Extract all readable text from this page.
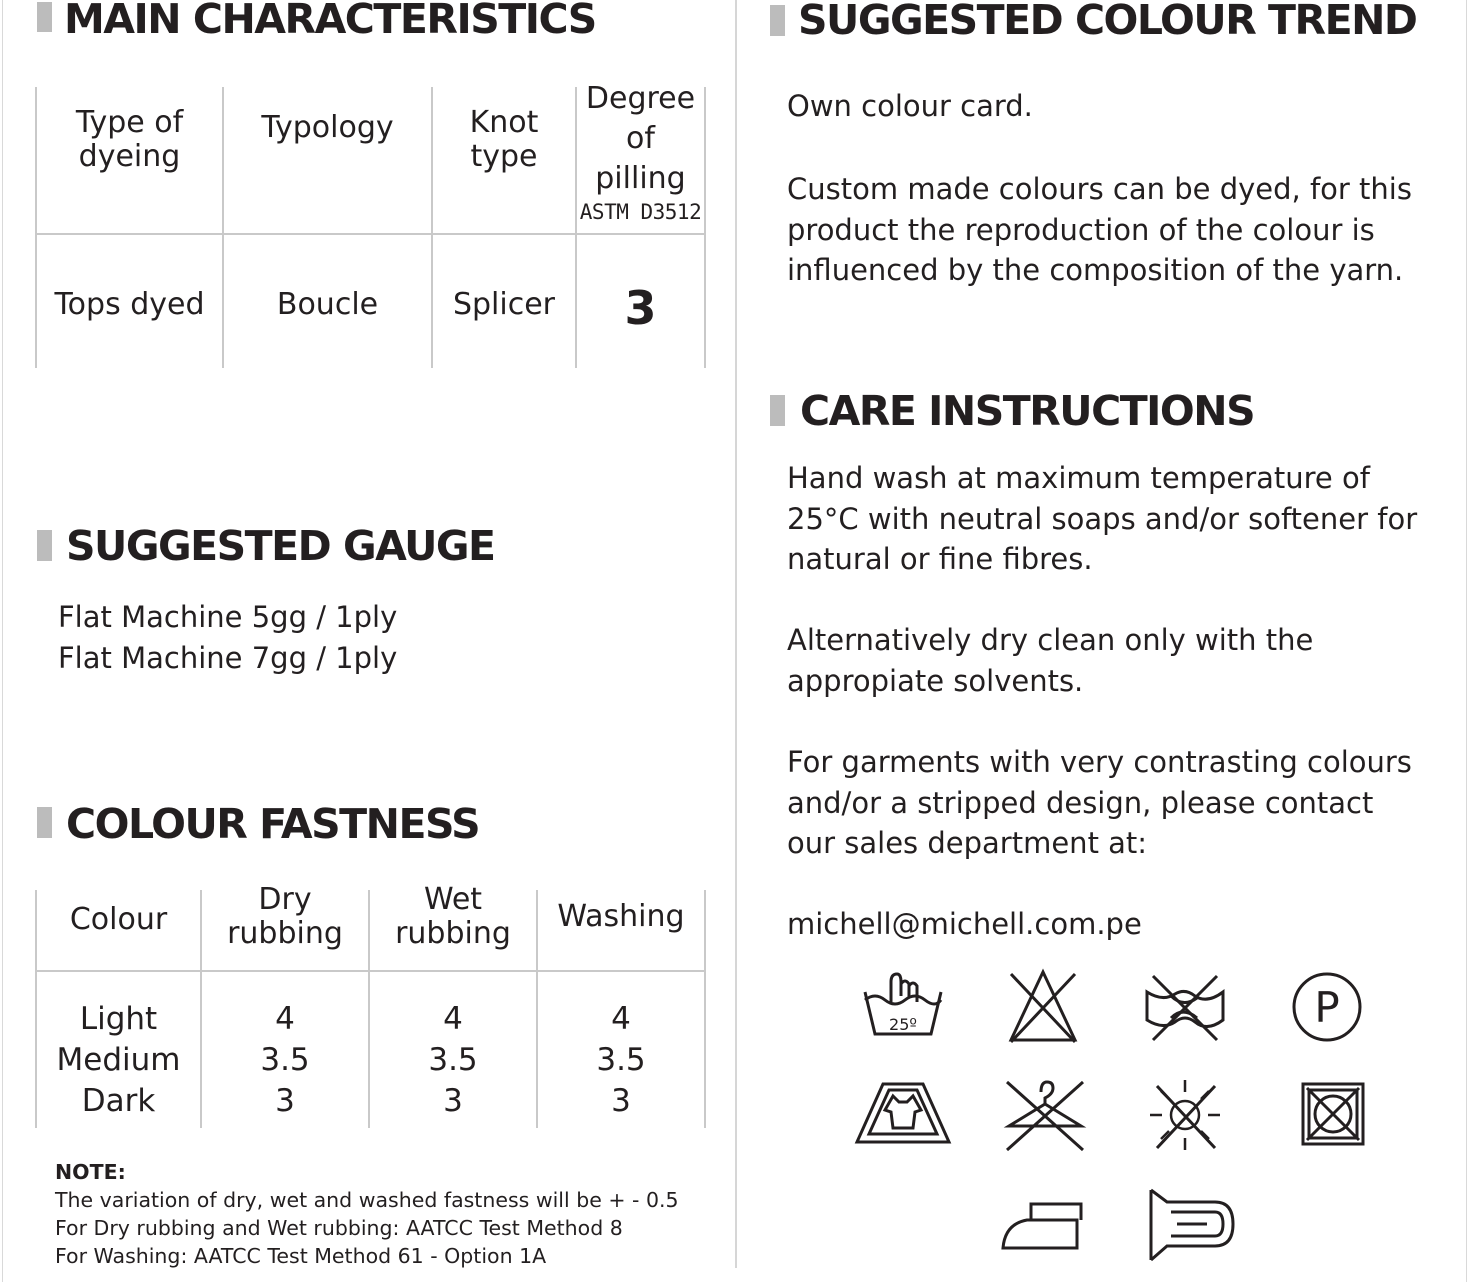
MAIN CHARACTERISTICS
Type of
dyeing
Typology	Knot
type
Degree
of pilling
ASTM D3512
Tops dyed Boucle Splicer 3
SUGGESTED GAUGE
Flat Machine 5gg / 1ply
Flat Machine 7gg / 1ply
COLOUR FASTNESS
Colour
Dry
rubbing
Wet
rubbing Washing
Light
Medium
Dark
4
3.5
3
4
3.5
3
4
3.5
3
NOTE:
The variation of dry, wet and washed fastness will be + - 0.5
For Dry rubbing and Wet rubbing: AATCC Test Method 8
For Washing: AATCC Test Method 61 - Option 1A
SUGGESTED COLOUR TREND
Own colour card.
Custom made colours can be dyed, for this
product the reproduction of the colour is
influenced by the composition of the yarn.
CARE INSTRUCTIONS
Hand wash at maximum temperature of
25°C with neutral soaps and/or softener for
natural or fine fibres.
Alternatively dry clean only with the
appropiate solvents.
For garments with very contrasting colours
and/or a stripped design, please contact
our sales department at:
michell@michell.com.pe
25º	P
